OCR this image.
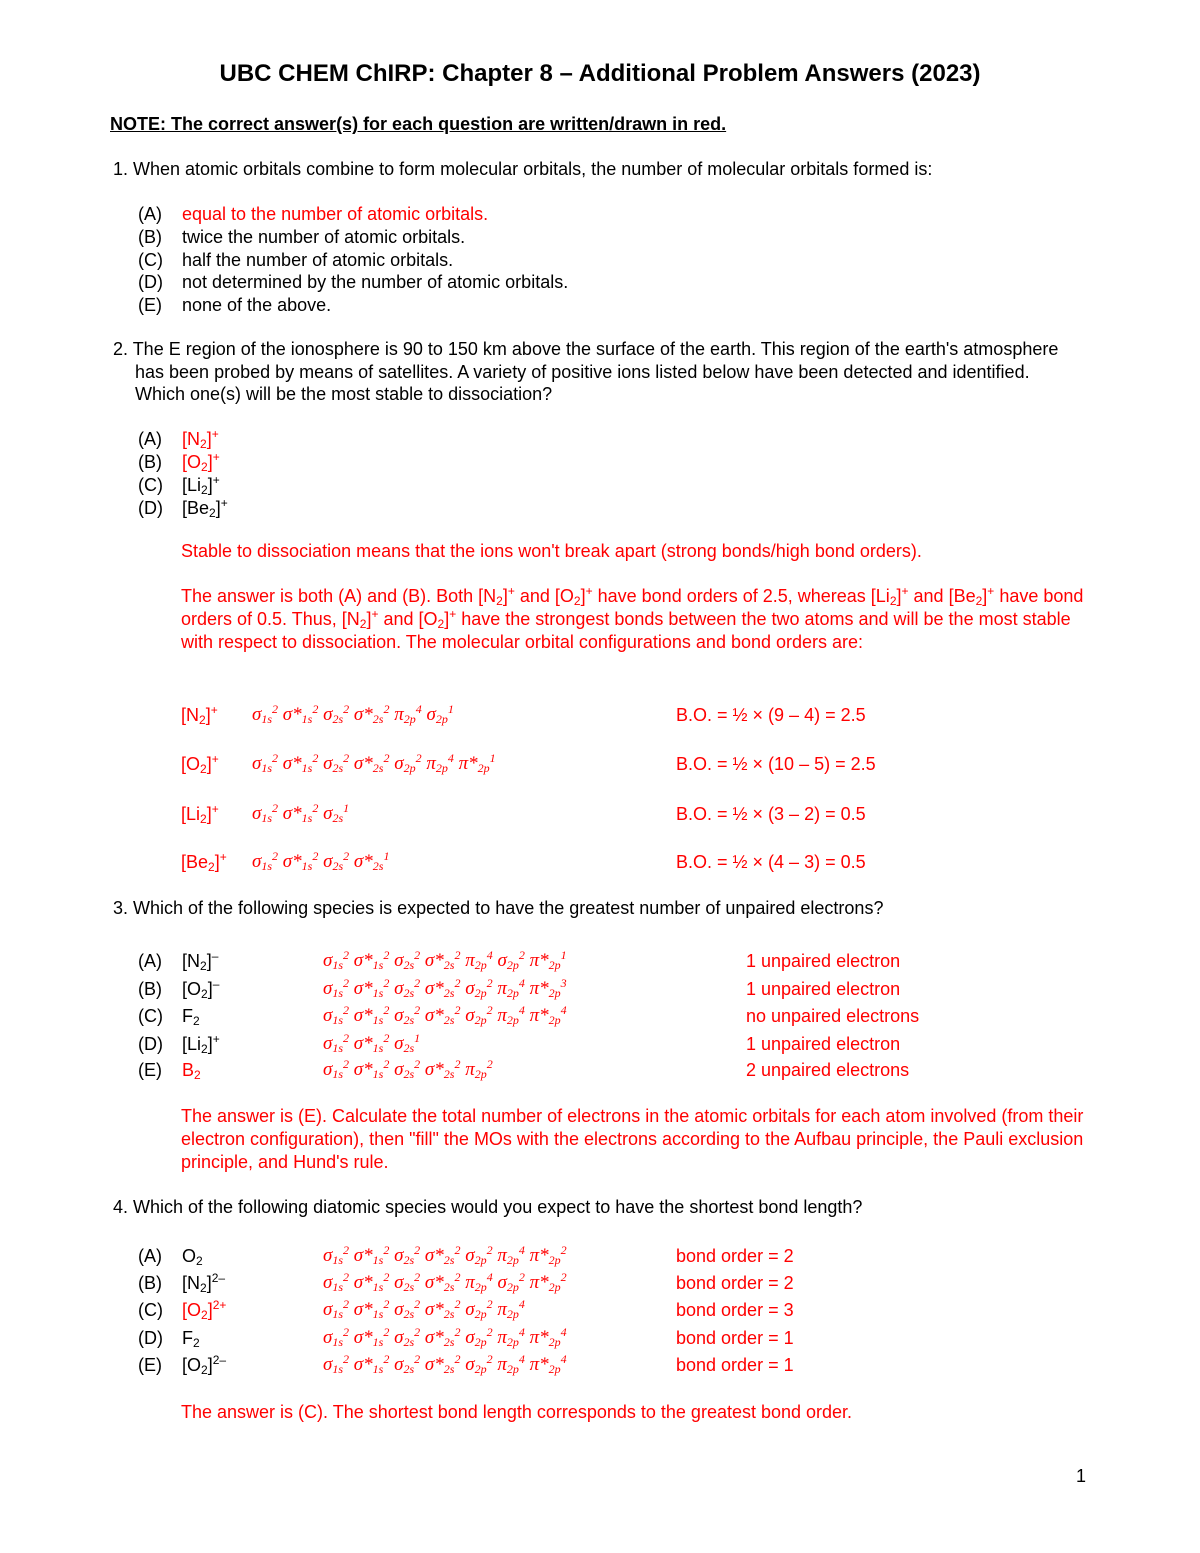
UBC CHEM ChIRP: Chapter 8 – Additional Problem Answers (2023)
NOTE: The correct answer(s) for each question are written/drawn in red.
1. When atomic orbitals combine to form molecular orbitals, the number of molecular orbitals formed is:
(A) equal to the number of atomic orbitals.
(B) twice the number of atomic orbitals.
(C) half the number of atomic orbitals.
(D) not determined by the number of atomic orbitals.
(E) none of the above.
2. The E region of the ionosphere is 90 to 150 km above the surface of the earth. This region of the earth's atmosphere has been probed by means of satellites. A variety of positive ions listed below have been detected and identified. Which one(s) will be the most stable to dissociation?
(A) $[N_2]^+$
(B) $[O_2]^+$
(C) $[Li_2]^+$
(D) $[Be_2]^+$
Stable to dissociation means that the ions won't break apart (strong bonds/high bond orders).
The answer is both (A) and (B). Both $[N_2]^+$ and $[O_2]^+$ have bond orders of 2.5, whereas $[Li_2]^+$ and $[Be_2]^+$ have bond orders of 0.5. Thus, $[N_2]^+$ and $[O_2]^+$ have the strongest bonds between the two atoms and will be the most stable with respect to dissociation. The molecular orbital configurations and bond orders are:
$[N_2]^+$ $\sigma_{1s}^2$ $\sigma*_{1s}^2$ $\sigma_{2s}^2$ $\sigma*_{2s}^2$ $\pi_{2p}^4$ $\sigma_{2p}^1$	B.O. = ½ × (9 – 4) = 2.5
$[O_2]^+$ $\sigma_{1s}^2$ $\sigma*_{1s}^2$ $\sigma_{2s}^2$ $\sigma*_{2s}^2$ $\sigma_{2p}^2$ $\pi_{2p}^4$ $\pi*_{2p}^1$	B.O. = ½ × (10 – 5) = 2.5
$[Li_2]^+$ $\sigma_{1s}^2$ $\sigma*_{1s}^2$ $\sigma_{2s}^1$	B.O. = ½ × (3 – 2) = 0.5
$[Be_2]^+$ $\sigma_{1s}^2$ $\sigma*_{1s}^2$ $\sigma_{2s}^2$ $\sigma*_{2s}^1$	B.O. = ½ × (4 – 3) = 0.5
3. Which of the following species is expected to have the greatest number of unpaired electrons?
(A) $[N_2]^-$	$\sigma_{1s}^2$ $\sigma*_{1s}^2$ $\sigma_{2s}^2$ $\sigma*_{2s}^2$ $\pi_{2p}^4$ $\sigma_{2p}^2$ $\pi*_{2p}^1$	1 unpaired electron
(B) $[O_2]^-$	$\sigma_{1s}^2$ $\sigma*_{1s}^2$ $\sigma_{2s}^2$ $\sigma*_{2s}^2$ $\sigma_{2p}^2$ $\pi_{2p}^4$ $\pi*_{2p}^3$	1 unpaired electron
(C) $F_2$	$\sigma_{1s}^2$ $\sigma*_{1s}^2$ $\sigma_{2s}^2$ $\sigma*_{2s}^2$ $\sigma_{2p}^2$ $\pi_{2p}^4$ $\pi*_{2p}^4$	no unpaired electrons
(D) $[Li_2]^+$	$\sigma_{1s}^2$ $\sigma*_{1s}^2$ $\sigma_{2s}^1$	1 unpaired electron
(E) $B_2$	$\sigma_{1s}^2$ $\sigma*_{1s}^2$ $\sigma_{2s}^2$ $\sigma*_{2s}^2$ $\pi_{2p}^2$	2 unpaired electrons
The answer is (E). Calculate the total number of electrons in the atomic orbitals for each atom involved (from their electron configuration), then "fill" the MOs with the electrons according to the Aufbau principle, the Pauli exclusion principle, and Hund's rule.
4. Which of the following diatomic species would you expect to have the shortest bond length?
(A) $O_2$	$\sigma_{1s}^2$ $\sigma*_{1s}^2$ $\sigma_{2s}^2$ $\sigma*_{2s}^2$ $\sigma_{2p}^2$ $\pi_{2p}^4$ $\pi*_{2p}^2$	bond order = 2
(B) $[N_2]^{2-}$	$\sigma_{1s}^2$ $\sigma*_{1s}^2$ $\sigma_{2s}^2$ $\sigma*_{2s}^2$ $\pi_{2p}^4$ $\sigma_{2p}^2$ $\pi*_{2p}^2$	bond order = 2
(C) $[O_2]^{2+}$	$\sigma_{1s}^2$ $\sigma*_{1s}^2$ $\sigma_{2s}^2$ $\sigma*_{2s}^2$ $\sigma_{2p}^2$ $\pi_{2p}^4$	bond order = 3
(D) $F_2$	$\sigma_{1s}^2$ $\sigma*_{1s}^2$ $\sigma_{2s}^2$ $\sigma*_{2s}^2$ $\sigma_{2p}^2$ $\pi_{2p}^4$ $\pi*_{2p}^4$	bond order = 1
(E) $[O_2]^{2-}$	$\sigma_{1s}^2$ $\sigma*_{1s}^2$ $\sigma_{2s}^2$ $\sigma*_{2s}^2$ $\sigma_{2p}^2$ $\pi_{2p}^4$ $\pi*_{2p}^4$	bond order = 1
The answer is (C). The shortest bond length corresponds to the greatest bond order.
1
